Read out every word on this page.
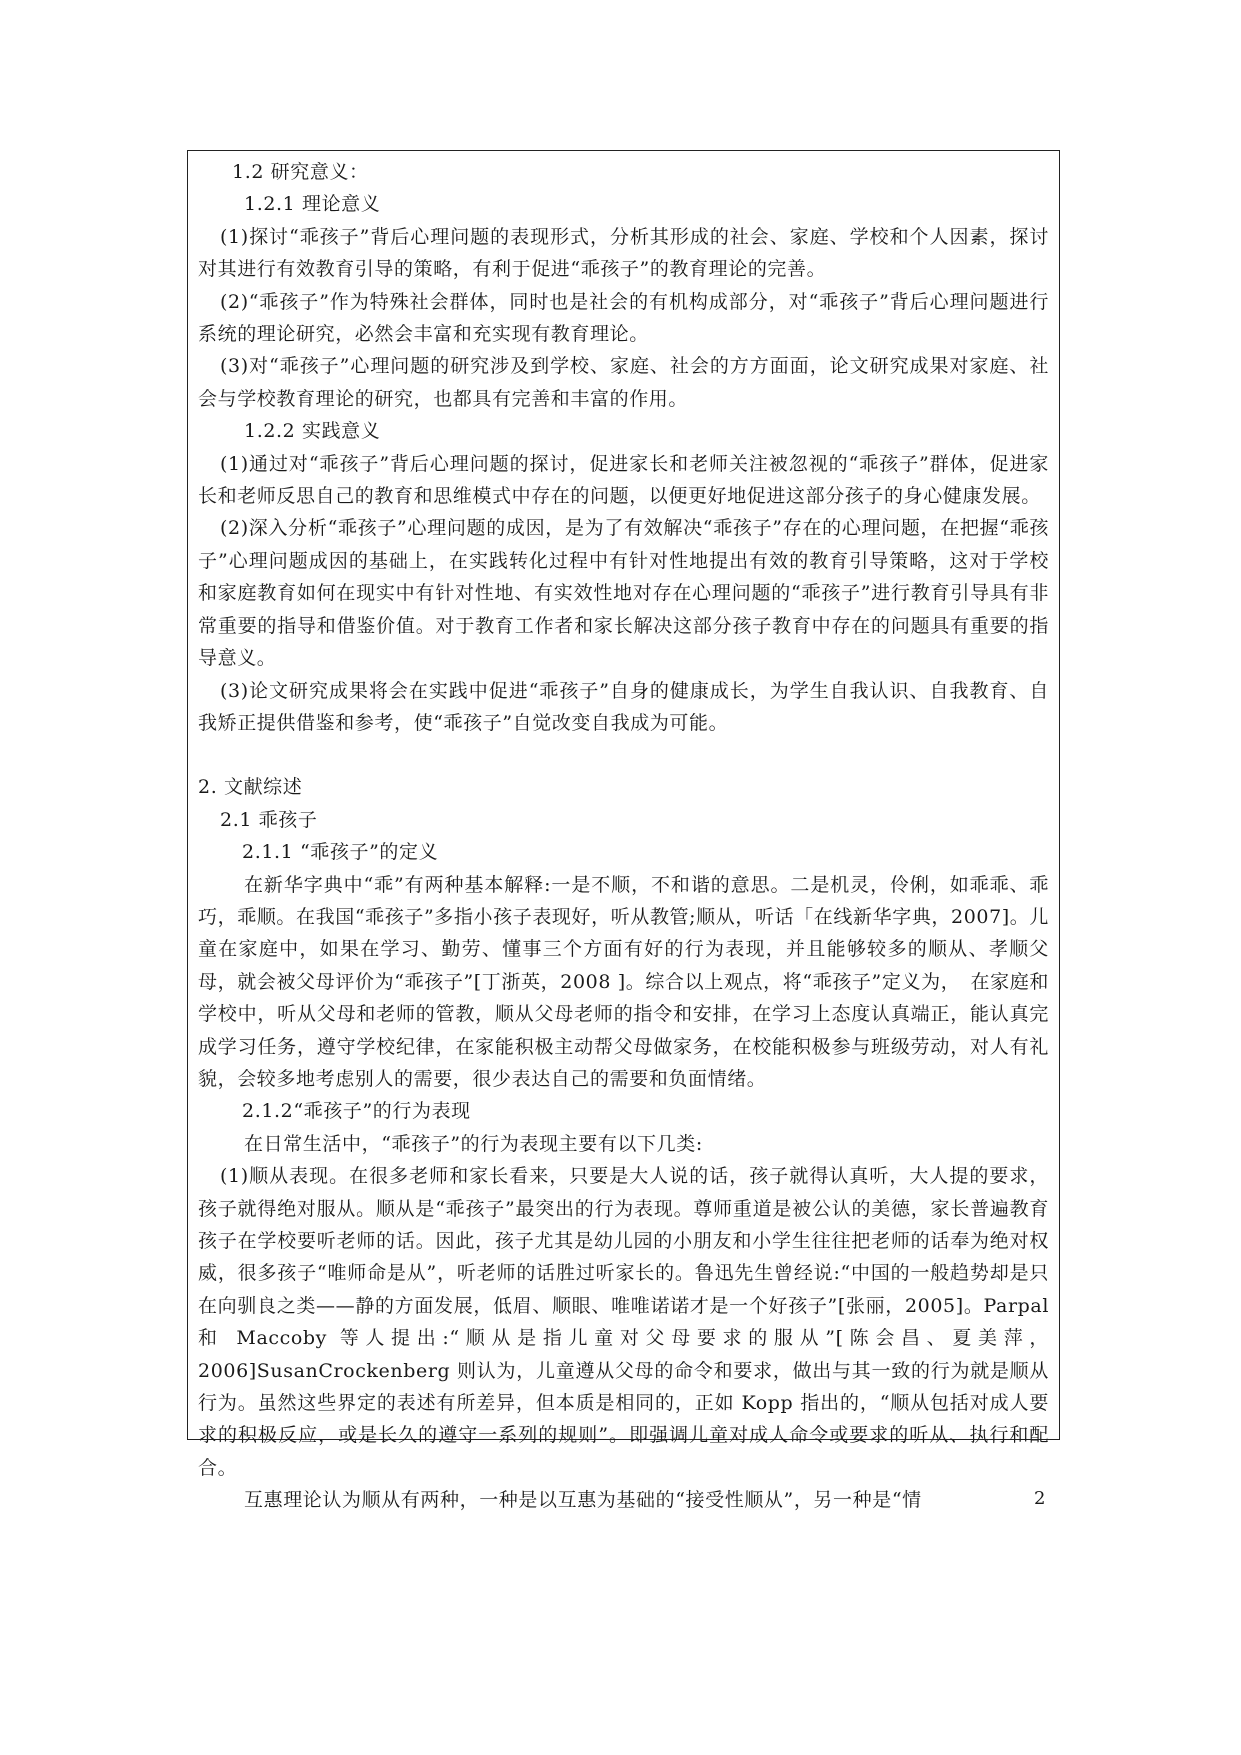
1.2 研究意义：

1.2.1 理论意义

(1)探讨“乖孩子”背后心理问题的表现形式，分析其形成的社会、家庭、学校和个人因素，探讨对其进行有效教育引导的策略，有利于促进“乖孩子”的教育理论的完善。

(2)“乖孩子”作为特殊社会群体，同时也是社会的有机构成部分，对“乖孩子”背后心理问题进行系统的理论研究，必然会丰富和充实现有教育理论。

(3)对“乖孩子”心理问题的研究涉及到学校、家庭、社会的方方面面，论文研究成果对家庭、社会与学校教育理论的研究，也都具有完善和丰富的作用。

1.2.2 实践意义

(1)通过对“乖孩子”背后心理问题的探讨，促进家长和老师关注被忽视的“乖孩子”群体，促进家长和老师反思自己的教育和思维模式中存在的问题，以便更好地促进这部分孩子的身心健康发展。

(2)深入分析“乖孩子”心理问题的成因，是为了有效解决“乖孩子”存在的心理问题，在把握“乖孩子”心理问题成因的基础上，在实践转化过程中有针对性地提出有效的教育引导策略，这对于学校和家庭教育如何在现实中有针对性地、有实效性地对存在心理问题的“乖孩子”进行教育引导具有非常重要的指导和借鉴价值。对于教育工作者和家长解决这部分孩子教育中存在的问题具有重要的指导意义。

(3)论文研究成果将会在实践中促进“乖孩子”自身的健康成长，为学生自我认识、自我教育、自我矫正提供借鉴和参考，使“乖孩子”自觉改变自我成为可能。

2. 文献综述

2.1 乖孩子

2.1.1 “乖孩子”的定义

在新华字典中“乖”有两种基本解释:一是不顺，不和谐的意思。二是机灵，伶俐，如乖乖、乖巧，乖顺。在我国“乖孩子”多指小孩子表现好，听从教管;顺从，听话「在线新华字典，2007]。儿童在家庭中，如果在学习、勤劳、懂事三个方面有好的行为表现，并且能够较多的顺从、孝顺父母，就会被父母评价为“乖孩子”[丁浙英，2008 ]。综合以上观点，将“乖孩子”定义为，　在家庭和学校中，听从父母和老师的管教，顺从父母老师的指令和安排，在学习上态度认真端正，能认真完成学习任务，遵守学校纪律，在家能积极主动帮父母做家务，在校能积极参与班级劳动，对人有礼貌，会较多地考虑别人的需要，很少表达自己的需要和负面情绪。

2.1.2“乖孩子”的行为表现

在日常生活中，“乖孩子”的行为表现主要有以下几类:

(1)顺从表现。在很多老师和家长看来，只要是大人说的话，孩子就得认真听，大人提的要求，孩子就得绝对服从。顺从是“乖孩子”最突出的行为表现。尊师重道是被公认的美德，家长普遍教育孩子在学校要听老师的话。因此，孩子尤其是幼儿园的小朋友和小学生往往把老师的话奉为绝对权威，很多孩子“唯师命是从”，听老师的话胜过听家长的。鲁迅先生曾经说:“中国的一般趋势却是只在向驯良之类——静的方面发展，低眉、顺眼、唯唯诺诺才是一个好孩子”[张丽，2005]。Parpal 和 Maccoby 等人提出:“顺从是指儿童对父母要求的服从”[陈会昌、夏美萍，2006]SusanCrockenberg 则认为，儿童遵从父母的命令和要求，做出与其一致的行为就是顺从行为。虽然这些界定的表述有所差异，但本质是相同的，正如 Kopp 指出的，“顺从包括对成人要求的积极反应，或是长久的遵守一系列的规则”。即强调儿童对成人命令或要求的听从、执行和配合。

互惠理论认为顺从有两种，一种是以互惠为基础的“接受性顺从”，另一种是“情	2
